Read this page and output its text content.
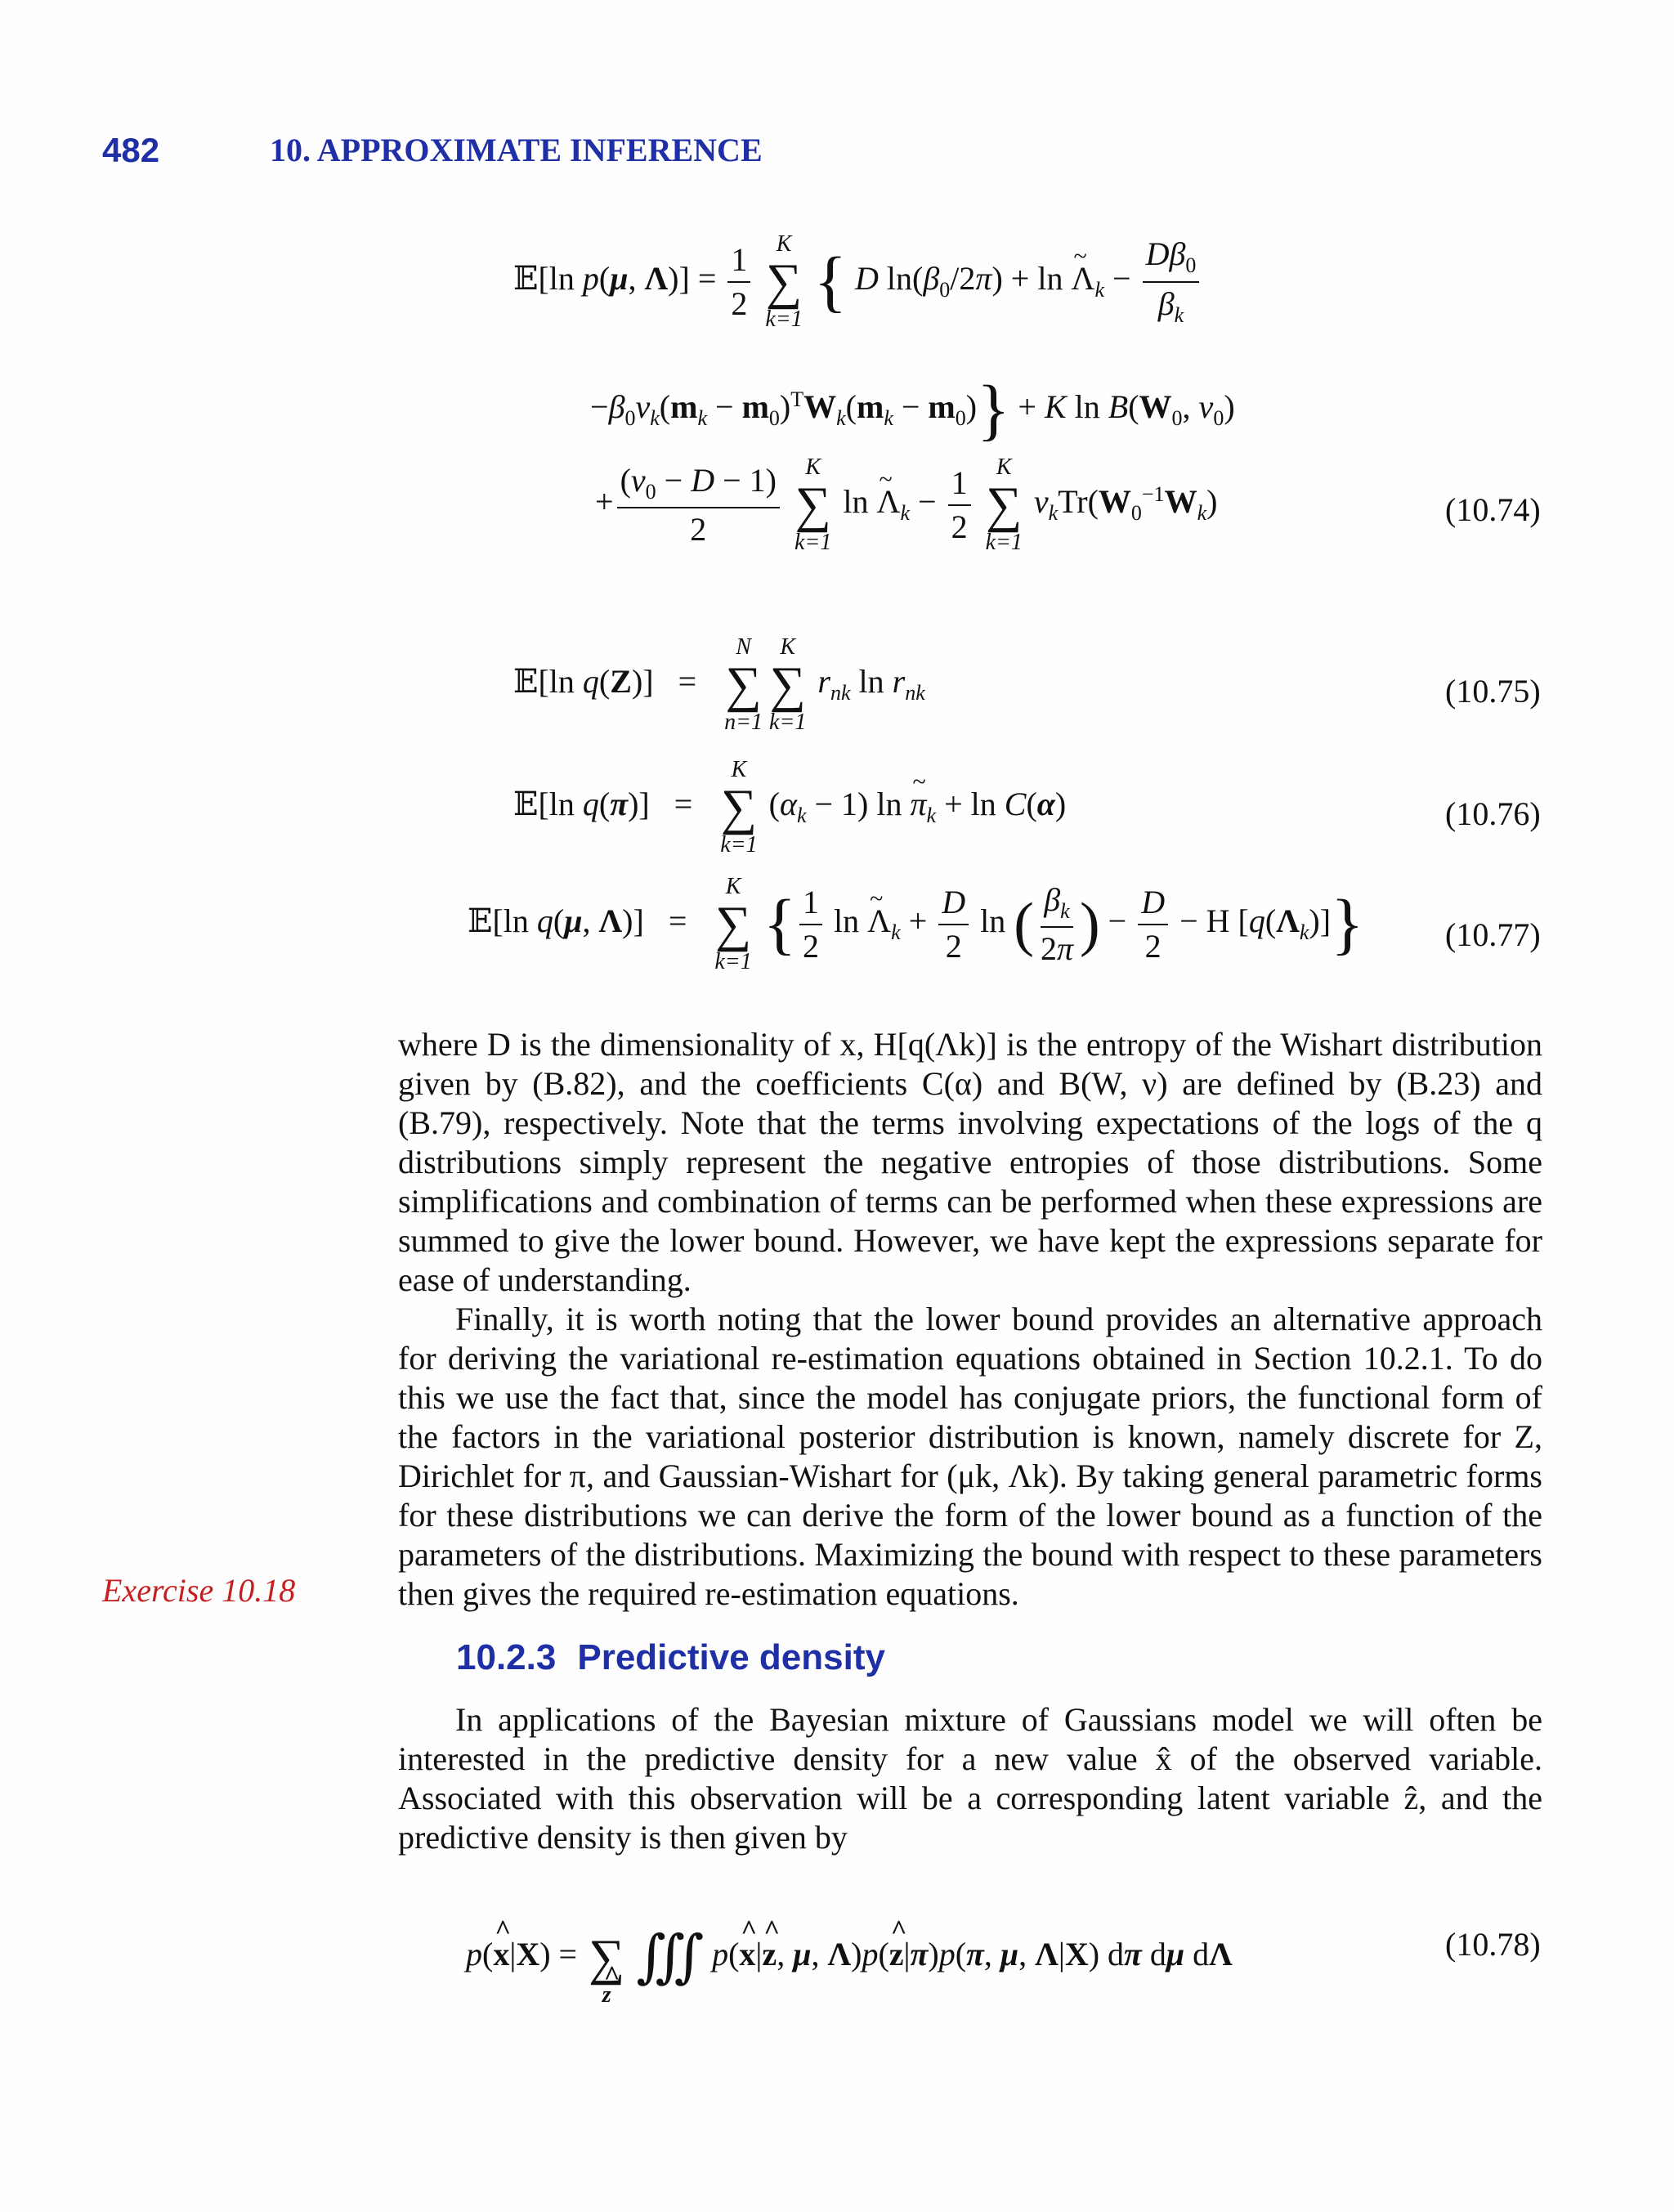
482	10. APPROXIMATE INFERENCE
𝔼[ln p(μ, $\Lambda)] = \frac{1}{2}$
K
∑
k=1 { D $\ln(\beta_0/2\pi) + \ln$ ~ $\Lambda_k - \frac{D\beta_0}{\beta_k}$
$-\beta_0\nu_k(m_k - m_0)^TW_k(m_k - m_0)\} + K$ $\ln B(W_0$, $\nu_0$)
+ $\frac{(\nu_0 - D - 1)}{2}$
K
∑
k=1
ln ~ $\Lambda_k - \frac{1}{2}$
K
∑
k=1
$\nu_kTr(W_0^{-1}W_k)$	(10.74)
𝔼[ln q(Z)]   =
N
∑
n=1
K
∑
k=1
$r_{nk}$ $\ln r_{nk}$	(10.75)
𝔼[ln q(π)]   =
K
∑
k=1
$(\alpha_k - 1)$ ln ~ $\pi_k + \ln C(\alpha)$	(10.76)
𝔼[ln q(μ, Λ)]   =
K
∑
k=1 { $\frac{1}{2}$ ln ~ $\Lambda_k + \frac{D}{2}$ ln ( $\frac{\beta_k}{2\pi}$ ) − $\frac{D}{2} - H$ $[q(\Lambda_k)]$} (10.77)

where D is the dimensionality of x, H[q(Λk)] is the entropy of the Wishart distribution given by (B.82), and the coefficients C(α) and B(W, ν) are defined by (B.23) and (B.79), respectively. Note that the terms involving expectations of the logs of the q distributions simply represent the negative entropies of those distributions. Some simplifications and combination of terms can be performed when these expressions are summed to give the lower bound. However, we have kept the expressions separate for ease of understanding.

Finally, it is worth noting that the lower bound provides an alternative approach for deriving the variational re-estimation equations obtained in Section 10.2.1. To do this we use the fact that, since the model has conjugate priors, the functional form of the factors in the variational posterior distribution is known, namely discrete for Z, Dirichlet for π, and Gaussian-Wishart for (μk, Λk). By taking general parametric forms for these distributions we can derive the form of the lower bound as a function of the parameters of the distributions. Maximizing the bound with respect to these parameters then gives the required re-estimation equations.

Exercise 10.18
10.2.3 Predictive density

In applications of the Bayesian mixture of Gaussians model we will often be interested in the predictive density for a new value x̂ of the observed variable. Associated with this observation will be a corresponding latent variable ẑ, and the predictive density is then given by

p(^ x|X) =
∑
^ z
∭ p(^ x|^ z, μ, Λ)p(^ z|π)p(π, μ, Λ|X) dπ dμ dΛ	(10.78)
